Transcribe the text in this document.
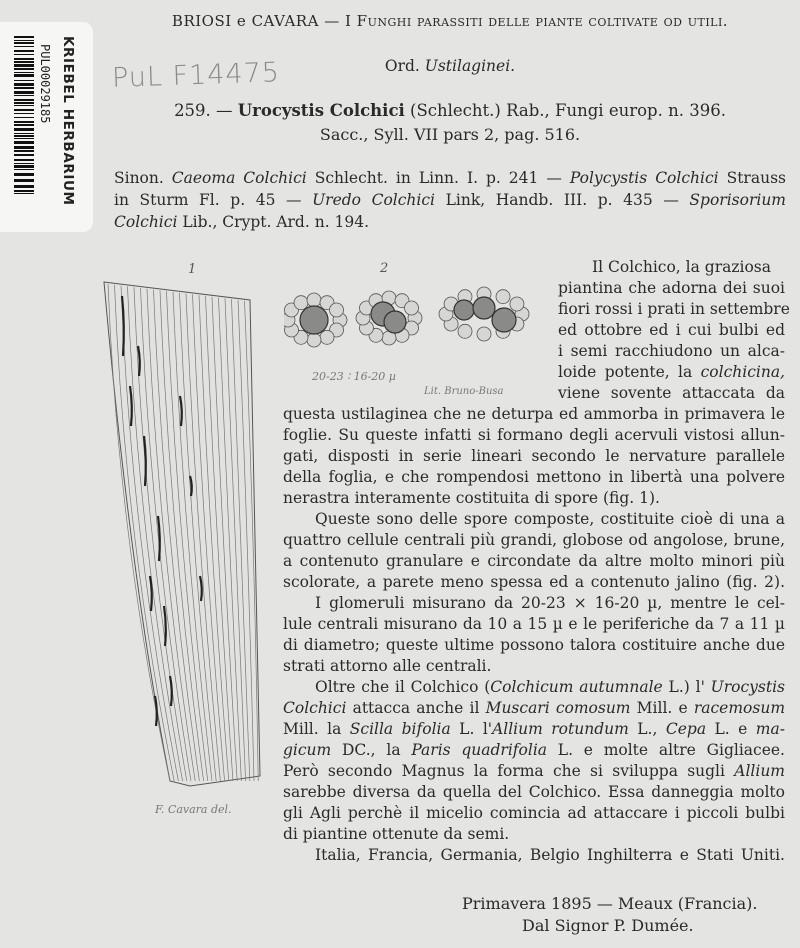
PUL00029185 KRIEBEL HERBARIUM PuL F14475
BRIOSI e CAVARA — I Funghi parassiti delle piante coltivate od utili.
Ord. Ustilaginei.
259. — Urocystis Colchici (Schlecht.) Rab., Fungi europ. n. 396.
Sacc., Syll. VII pars 2, pag. 516.
Sinon. Caeoma Colchici Schlecht. in Linn. I. p. 241 — Polycystis Colchici Strauss
in Sturm Fl. p. 45 — Uredo Colchici Link, Handb. III. p. 435 — Sporisorium
Colchici Lib., Crypt. Ard. n. 194.
1
F. Cavara del.
2
20-23 ∶ 16-20 µ
Lit. Bruno-Busa
Il Colchico, la graziosa
piantina che adorna dei suoi
fiori rossi i prati in settembre
ed ottobre ed i cui bulbi ed
i semi racchiudono un alca-
loide potente, la colchicina,
viene sovente attaccata da
questa ustilaginea che ne deturpa ed ammorba in primavera le
foglie. Su queste infatti si formano degli acervuli vistosi allun-
gati, disposti in serie lineari secondo le nervature parallele
della foglia, e che rompendosi mettono in libertà una polvere
nerastra interamente costituita di spore (fig. 1).
Queste sono delle spore composte, costituite cioè di una a
quattro cellule centrali più grandi, globose od angolose, brune,
a contenuto granulare e circondate da altre molto minori più
scolorate, a parete meno spessa ed a contenuto jalino (fig. 2).
I glomeruli misurano da 20-23 × 16-20 µ, mentre le cel-
lule centrali misurano da 10 a 15 µ e le periferiche da 7 a 11 µ
di diametro; queste ultime possono talora costituire anche due
strati attorno alle centrali.
Oltre che il Colchico (Colchicum autumnale L.) l' Urocystis
Colchici attacca anche il Muscari comosum Mill. e racemosum
Mill. la Scilla bifolia L. l'Allium rotundum L., Cepa L. e ma-
gicum DC., la Paris quadrifolia L. e molte altre Gigliacee.
Però secondo Magnus la forma che si sviluppa sugli Allium
sarebbe diversa da quella del Colchico. Essa danneggia molto
gli Agli perchè il micelio comincia ad attaccare i piccoli bulbi
di piantine ottenute da semi.
Italia, Francia, Germania, Belgio Inghilterra e Stati Uniti.
Primavera 1895 — Meaux (Francia).
Dal Signor P. Dumée.
